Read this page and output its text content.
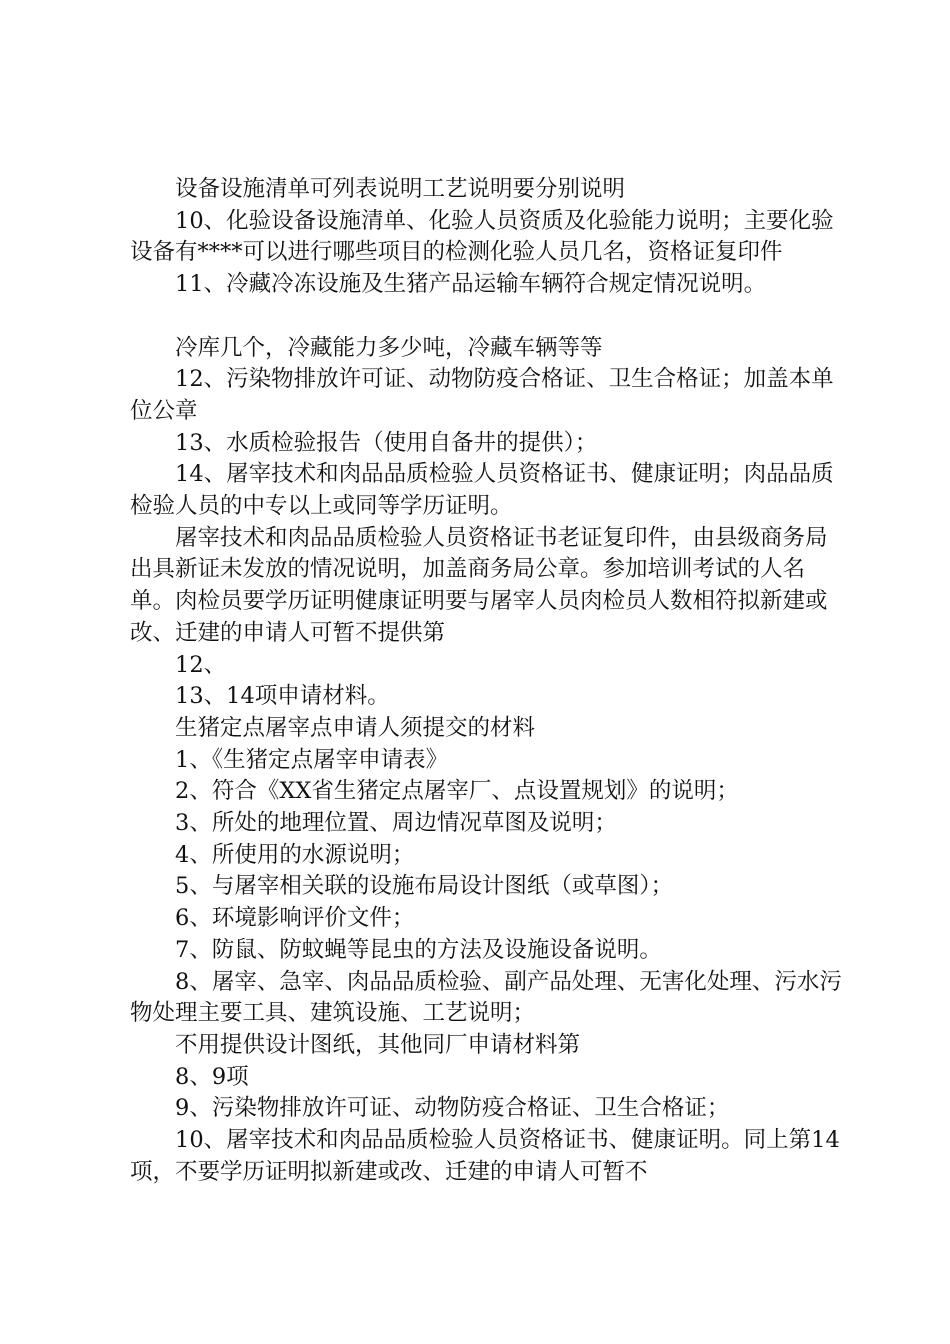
设备设施清单可列表说明工艺说明要分别说明

10、化验设备设施清单、化验人员资质及化验能力说明；主要化验设备有****可以进行哪些项目的检测化验人员几名，资格证复印件

11、冷藏冷冻设施及生猪产品运输车辆符合规定情况说明。

冷库几个，冷藏能力多少吨，冷藏车辆等等

12、污染物排放许可证、动物防疫合格证、卫生合格证；加盖本单位公章

13、水质检验报告（使用自备井的提供）；

14、屠宰技术和肉品品质检验人员资格证书、健康证明；肉品品质检验人员的中专以上或同等学历证明。

屠宰技术和肉品品质检验人员资格证书老证复印件，由县级商务局出具新证未发放的情况说明，加盖商务局公章。参加培训考试的人名单。肉检员要学历证明健康证明要与屠宰人员肉检员人数相符拟新建或改、迁建的申请人可暂不提供第

12、

13、14项申请材料。

生猪定点屠宰点申请人须提交的材料

1、《生猪定点屠宰申请表》

2、符合《XX省生猪定点屠宰厂、点设置规划》的说明；

3、所处的地理位置、周边情况草图及说明；

4、所使用的水源说明；

5、与屠宰相关联的设施布局设计图纸（或草图）；

6、环境影响评价文件；

7、防鼠、防蚊蝇等昆虫的方法及设施设备说明。

8、屠宰、急宰、肉品品质检验、副产品处理、无害化处理、污水污物处理主要工具、建筑设施、工艺说明；

不用提供设计图纸，其他同厂申请材料第

8、9项

9、污染物排放许可证、动物防疫合格证、卫生合格证；

10、屠宰技术和肉品品质检验人员资格证书、健康证明。同上第14项，不要学历证明拟新建或改、迁建的申请人可暂不
